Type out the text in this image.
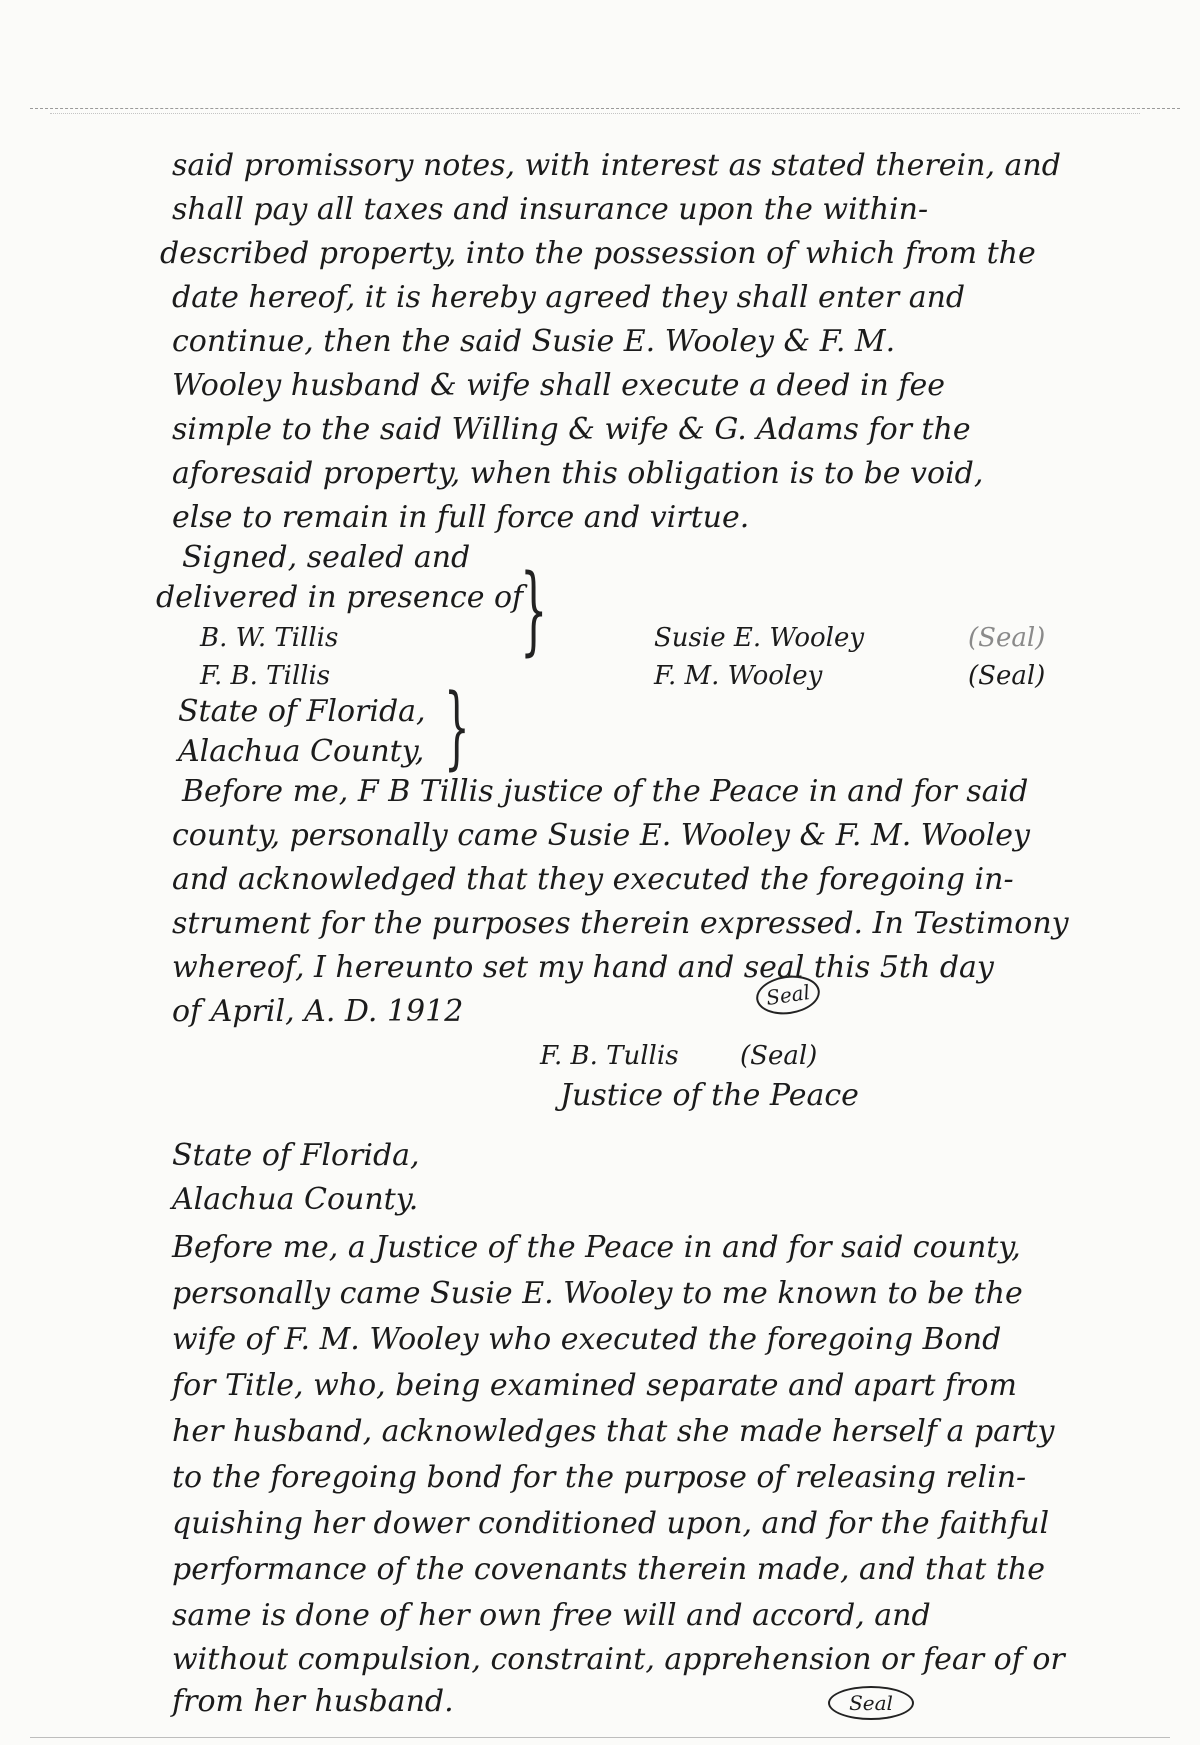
said promissory notes, with interest as stated therein, and
shall pay all taxes and insurance upon the within-
described property, into the possession of which from the
date hereof, it is hereby agreed they shall enter and
continue, then the said Susie E. Wooley & F. M.
Wooley husband & wife shall execute a deed in fee
simple to the said Willing & wife & G. Adams for the
aforesaid property, when this obligation is to be void,
else to remain in full force and virtue.
Signed, sealed and
delivered in presence of
}
B. W. Tillis
F. B. Tillis
Susie E. Wooley
F. M. Wooley
(Seal)
(Seal)
State of Florida,
Alachua County, }
Before me, F B Tillis justice of the Peace in and for said
county, personally came Susie E. Wooley & F. M. Wooley
and acknowledged that they executed the foregoing in-
strument for the purposes therein expressed. In Testimony
whereof, I hereunto set my hand and seal this 5th day
of April, A. D. 1912	Seal
F. B. Tullis (Seal)
Justice of the Peace
State of Florida,
Alachua County.
Before me, a Justice of the Peace in and for said county,
personally came Susie E. Wooley to me known to be the
wife of F. M. Wooley who executed the foregoing Bond
for Title, who, being examined separate and apart from
her husband, acknowledges that she made herself a party
to the foregoing bond for the purpose of releasing relin-
quishing her dower conditioned upon, and for the faithful
performance of the covenants therein made, and that the
same is done of her own free will and accord, and
without compulsion, constraint, apprehension or fear of or
from her husband.	Seal
